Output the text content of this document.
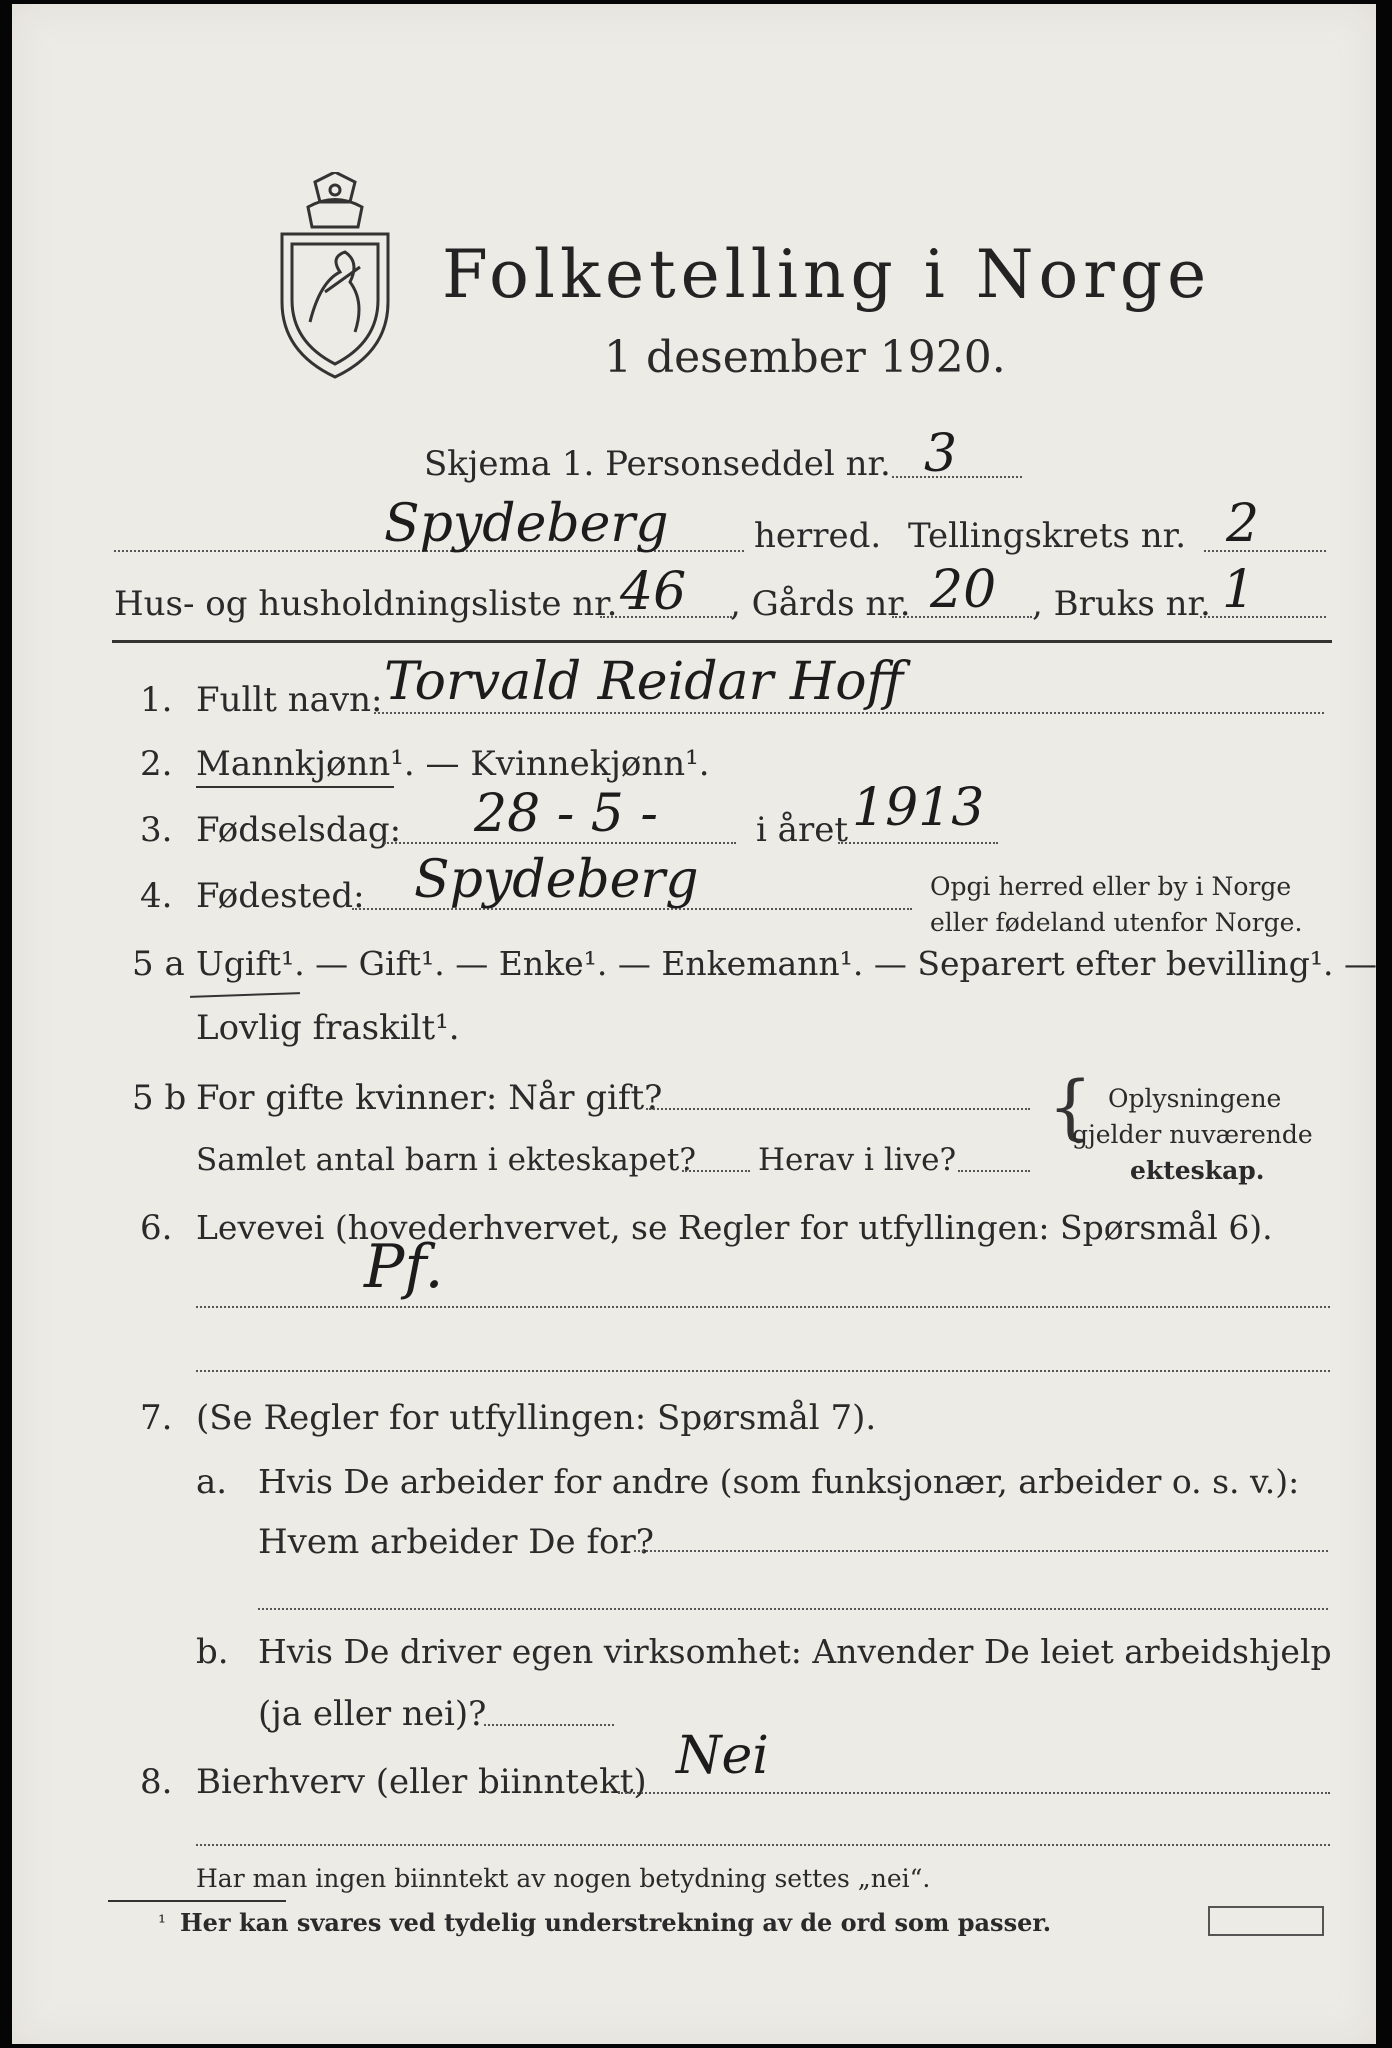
Folketelling i Norge
1 desember 1920.
Skjema 1. Personseddel nr. 3
Spydeberg	herred. Tellingskrets nr. 2
Hus- og husholdningsliste nr. 46 , Gårds nr. 20 , Bruks nr. 1
1. Fullt navn: Torvald Reidar Hoff
2. Mannkjønn¹. — Kvinnekjønn¹.
3. Fødselsdag: 28 - 5 -	i året 1913
4. Fødested: Spydeberg	Opgi herred eller by i Norge
eller fødeland utenfor Norge.
5 a Ugift¹. — Gift¹. — Enke¹. — Enkemann¹. — Separert efter bevilling¹. —
Lovlig fraskilt¹.
5 b For gifte kvinner: Når gift?
Samlet antal barn i ekteskapet? Herav i live?
{ Oplysningene
gjelder nuværende
ekteskap.
6. Levevei (hovederhvervet, se Regler for utfyllingen: Spørsmål 6).
Pf.
7. (Se Regler for utfyllingen: Spørsmål 7).
a. Hvis De arbeider for andre (som funksjonær, arbeider o. s. v.):
Hvem arbeider De for?
b. Hvis De driver egen virksomhet: Anvender De leiet arbeidshjelp
(ja eller nei)?
8. Bierhverv (eller biinntekt) Nei
Har man ingen biinntekt av nogen betydning settes „nei“.
¹ Her kan svares ved tydelig understrekning av de ord som passer.
